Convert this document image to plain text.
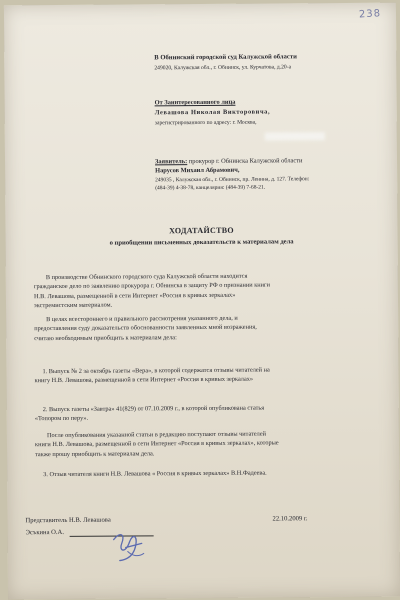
238
В Обнинский городской суд Калужской области
249020, Калужская обл., г. Обнинск, ул. Курчатова, д.20-а
От Заинтересованного лица
Левашова Николая Викторовича,
зарегистрированного по адресу: г. Москва,
Заявитель: прокурор г. Обнинска Калужской области
Нарусов Михаил Абрамович,
249035 , Калужская обл., г. Обнинск, пр. Ленина, д. 127. Телефон:
(484-39) 4-38-78, канцелярия: (484-39) 7-68-21.
ХОДАТАЙСТВО
о приобщении письменных доказательств к материалам дела
В производстве Обнинского городского суда Калужской области находится
гражданское дело по заявлению прокурора г. Обнинска в защиту РФ о признании книги
Н.В. Левашова, размещенной в сети Интернет «Россия в кривых зеркалах»
экстремистским материалом.
В целях всестороннего и правильного рассмотрения указанного дела, и
предоставления суду доказательств обоснованности заявленных мной возражения,
считаю необходимым приобщить к материалам дела:
1. Выпуск № 2 за октябрь газеты «Вера», в которой содержатся отзывы читателей на
книгу Н.В. Левашова, размещенной в сети Интернет «Россия в кривых зеркалах»
2. Выпуск газеты «Завтра» 41(829) от 07.10.2009 г., в которой опубликована статья
«Топором по перу».
После опубликования указанной статьи в редакцию поступают отзывы читателей
книги Н.В. Левашова, размещенной в сети Интернет «Россия в кривых зеркалах», которые
также прошу приобщить к материалам дела.
3. Отзыв читателя книги Н.В. Левашова « Россия в кривых зеркалах» В.Н.Фадеева.
Представитель Н.В. Левашова
Эсъкина О.А.
22.10.2009 г.
